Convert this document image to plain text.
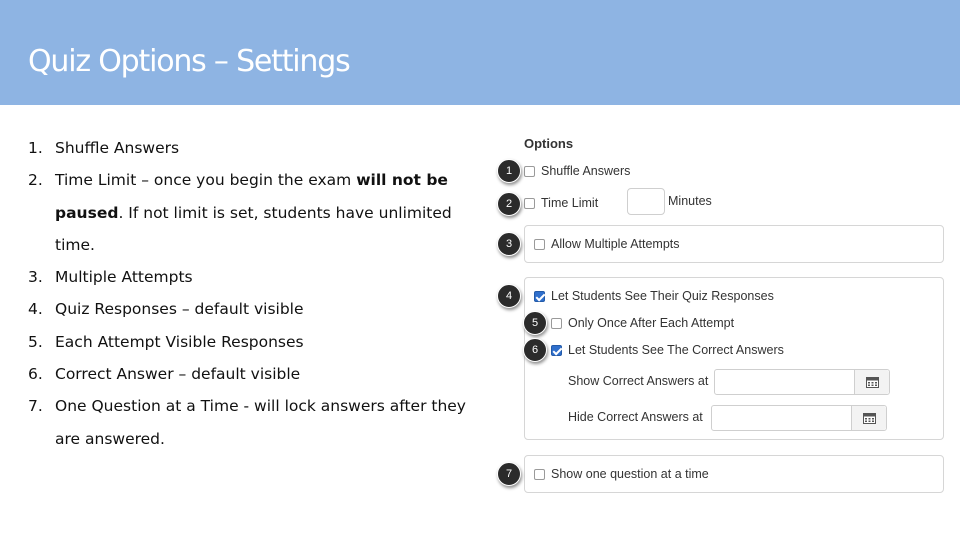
Quiz Options – Settings
1. Shuffle Answers
2. Time Limit – once you begin the exam will not be paused. If not limit is set, students have unlimited time.
3. Multiple Attempts
4. Quiz Responses – default visible
5. Each Attempt Visible Responses
6. Correct Answer – default visible
7. One Question at a Time - will lock answers after they are answered.
Options
Shuffle Answers
Time Limit	Minutes
Allow Multiple Attempts
Let Students See Their Quiz Responses
Only Once After Each Attempt
Let Students See The Correct Answers
Show Correct Answers at
Hide Correct Answers at
Show one question at a time
1
2
3
4
5
6
7
